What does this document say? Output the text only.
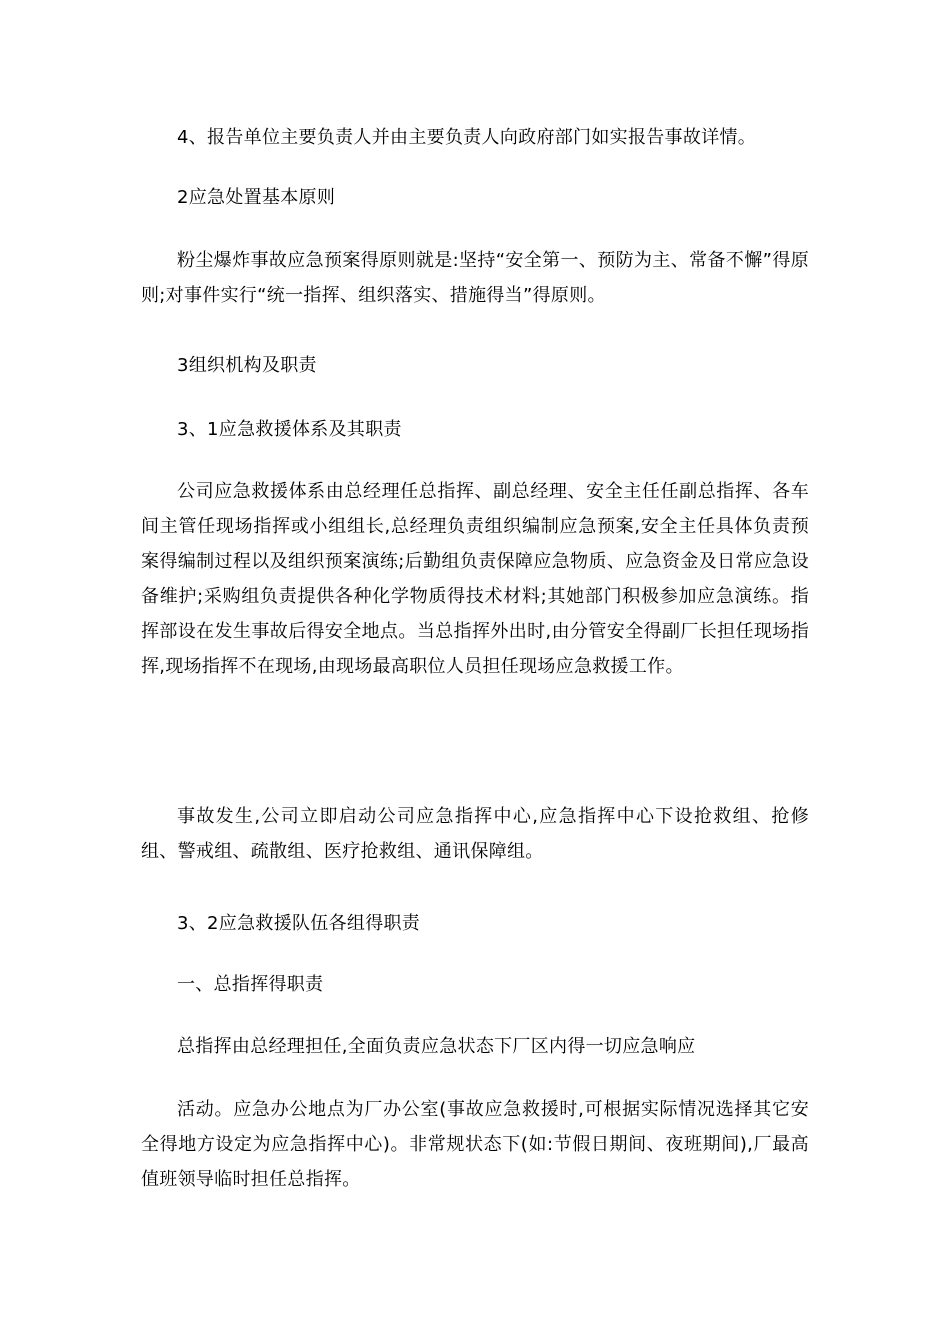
4、报告单位主要负责人并由主要负责人向政府部门如实报告事故详情。

2应急处置基本原则

粉尘爆炸事故应急预案得原则就是:坚持“安全第一、预防为主、常备不懈”得原则;对事件实行“统一指挥、组织落实、措施得当”得原则。

3组织机构及职责

3、1应急救援体系及其职责

公司应急救援体系由总经理任总指挥、副总经理、安全主任任副总指挥、各车间主管任现场指挥或小组组长,总经理负责组织编制应急预案,安全主任具体负责预案得编制过程以及组织预案演练;后勤组负责保障应急物质、应急资金及日常应急设备维护;采购组负责提供各种化学物质得技术材料;其她部门积极参加应急演练。指挥部设在发生事故后得安全地点。当总指挥外出时,由分管安全得副厂长担任现场指挥,现场指挥不在现场,由现场最高职位人员担任现场应急救援工作。

事故发生,公司立即启动公司应急指挥中心,应急指挥中心下设抢救组、抢修组、警戒组、疏散组、医疗抢救组、通讯保障组。

3、2应急救援队伍各组得职责

一、总指挥得职责

总指挥由总经理担任,全面负责应急状态下厂区内得一切应急响应

活动。应急办公地点为厂办公室(事故应急救援时,可根据实际情况选择其它安全得地方设定为应急指挥中心)。非常规状态下(如:节假日期间、夜班期间),厂最高值班领导临时担任总指挥。
